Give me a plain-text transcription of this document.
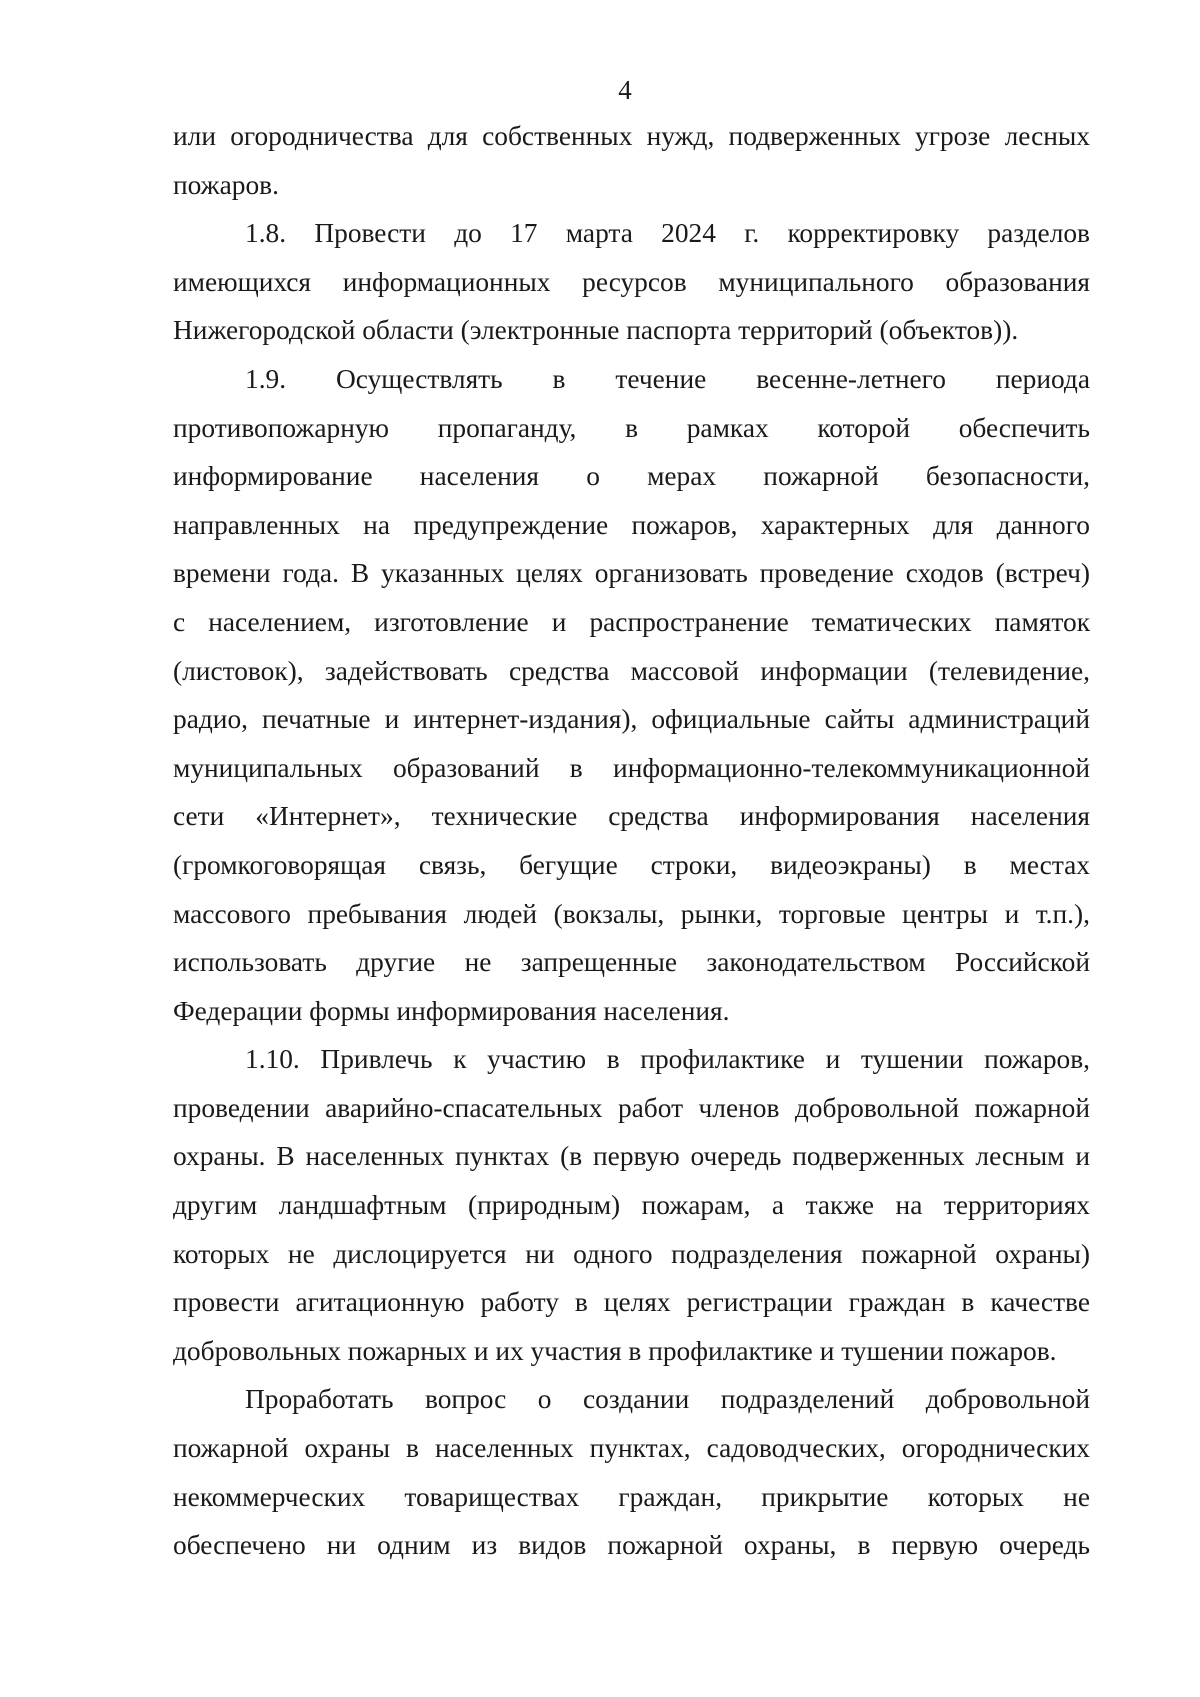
4

или огородничества для собственных нужд, подверженных угрозе лесных
пожаров.

1.8. Провести до 17 марта 2024 г. корректировку разделов
имеющихся информационных ресурсов муниципального образования
Нижегородской области (электронные паспорта территорий (объектов)).

1.9. Осуществлять в течение весенне-летнего периода
противопожарную пропаганду, в рамках которой обеспечить
информирование населения о мерах пожарной безопасности,
направленных на предупреждение пожаров, характерных для данного
времени года. В указанных целях организовать проведение сходов (встреч)
с населением, изготовление и распространение тематических памяток
(листовок), задействовать средства массовой информации (телевидение,
радио, печатные и интернет-издания), официальные сайты администраций
муниципальных образований в информационно-телекоммуникационной
сети «Интернет», технические средства информирования населения
(громкоговорящая связь, бегущие строки, видеоэкраны) в местах
массового пребывания людей (вокзалы, рынки, торговые центры и т.п.),
использовать другие не запрещенные законодательством Российской
Федерации формы информирования населения.

1.10. Привлечь к участию в профилактике и тушении пожаров,
проведении аварийно-спасательных работ членов добровольной пожарной
охраны. В населенных пунктах (в первую очередь подверженных лесным и
другим ландшафтным (природным) пожарам, а также на территориях
которых не дислоцируется ни одного подразделения пожарной охраны)
провести агитационную работу в целях регистрации граждан в качестве
добровольных пожарных и их участия в профилактике и тушении пожаров.

Проработать вопрос о создании подразделений добровольной
пожарной охраны в населенных пунктах, садоводческих, огороднических
некоммерческих товариществах граждан, прикрытие которых не
обеспечено ни одним из видов пожарной охраны, в первую очередь
